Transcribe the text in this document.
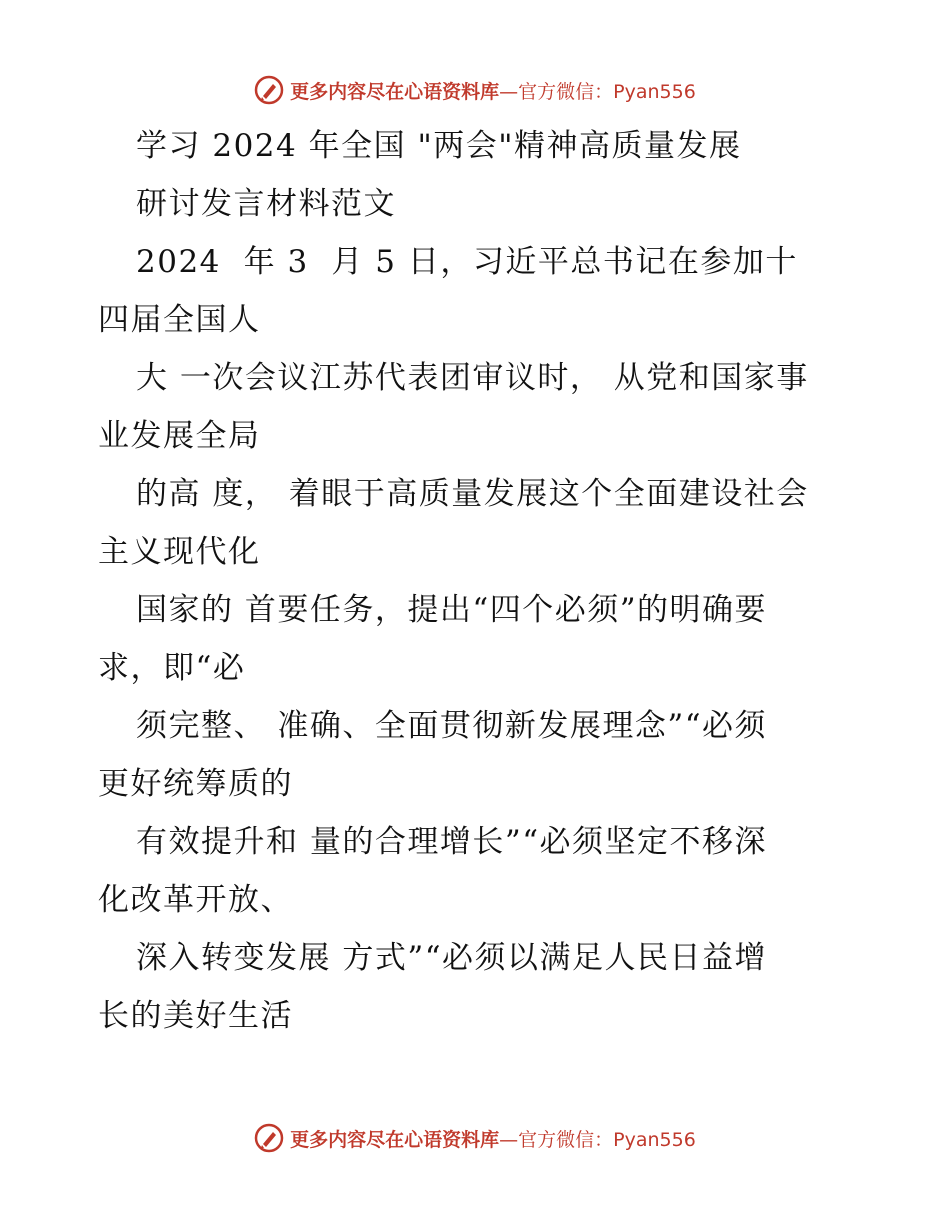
更多内容尽在心语资料库—官方微信：Pyan556
学习 2024 年全国 "两会"精神高质量发展
研讨发言材料范文
2024  年 3  月 5 日，习近平总书记在参加十
四届全国人
大 一次会议江苏代表团审议时， 从党和国家事
业发展全局
的高 度， 着眼于高质量发展这个全面建设社会
主义现代化
国家的 首要任务，提出“四个必须”的明确要
求，即“必
须完整、 准确、全面贯彻新发展理念”“必须
更好统筹质的
有效提升和 量的合理增长”“必须坚定不移深
化改革开放、
深入转变发展 方式”“必须以满足人民日益增
长的美好生活
更多内容尽在心语资料库—官方微信：Pyan556
